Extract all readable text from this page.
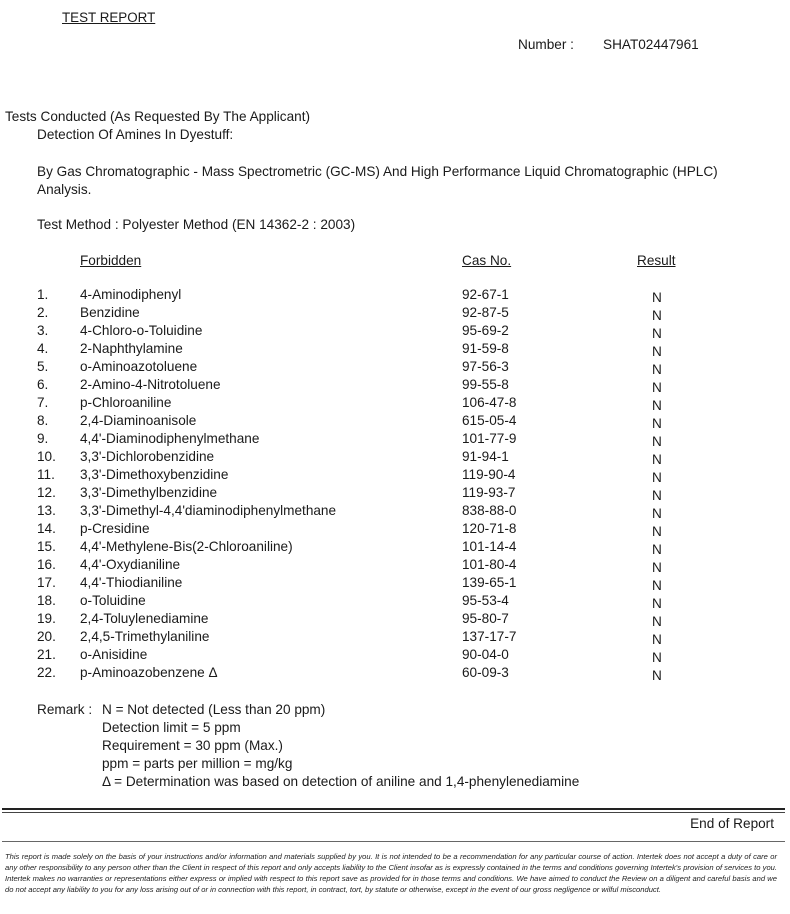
TEST REPORT
Number : SHAT02447961
Tests Conducted (As Requested By The Applicant)
Detection Of Amines In Dyestuff:
By Gas Chromatographic - Mass Spectrometric (GC-MS) And High Performance Liquid Chromatographic (HPLC) Analysis.
Test Method : Polyester Method (EN 14362-2 : 2003)
Forbidden	Cas No.	Result
1. 4-Aminodiphenyl	92-67-1	N
2. Benzidine	92-87-5	N
3. 4-Chloro-o-Toluidine	95-69-2	N
4. 2-Naphthylamine	91-59-8	N
5. o-Aminoazotoluene	97-56-3	N
6. 2-Amino-4-Nitrotoluene	99-55-8	N
7. p-Chloroaniline	106-47-8	N
8. 2,4-Diaminoanisole	615-05-4	N
9. 4,4'-Diaminodiphenylmethane	101-77-9	N
10. 3,3'-Dichlorobenzidine	91-94-1	N
11. 3,3'-Dimethoxybenzidine	119-90-4	N
12. 3,3'-Dimethylbenzidine	119-93-7	N
13. 3,3'-Dimethyl-4,4'diaminodiphenylmethane	838-88-0	N
14. p-Cresidine	120-71-8	N
15. 4,4'-Methylene-Bis(2-Chloroaniline)	101-14-4	N
16. 4,4'-Oxydianiline	101-80-4	N
17. 4,4'-Thiodianiline	139-65-1	N
18. o-Toluidine	95-53-4	N
19. 2,4-Toluylenediamine	95-80-7	N
20. 2,4,5-Trimethylaniline	137-17-7	N
21. o-Anisidine	90-04-0	N
22. p-Aminoazobenzene Δ	60-09-3	N
Remark : N = Not detected (Less than 20 ppm)
Detection limit = 5 ppm
Requirement = 30 ppm (Max.)
ppm = parts per million = mg/kg
Δ = Determination was based on detection of aniline and 1,4-phenylenediamine
End of Report
This report is made solely on the basis of your instructions and/or information and materials supplied by you. It is not intended to be a recommendation for any particular course of action. Intertek does not accept a duty of care or any other responsibility to any person other than the Client in respect of this report and only accepts liability to the Client insofar as is expressly contained in the terms and conditions governing Intertek's provision of services to you. Intertek makes no warranties or representations either express or implied with respect to this report save as provided for in those terms and conditions. We have aimed to conduct the Review on a diligent and careful basis and we do not accept any liability to you for any loss arising out of or in connection with this report, in contract, tort, by statute or otherwise, except in the event of our gross negligence or wilful misconduct.
